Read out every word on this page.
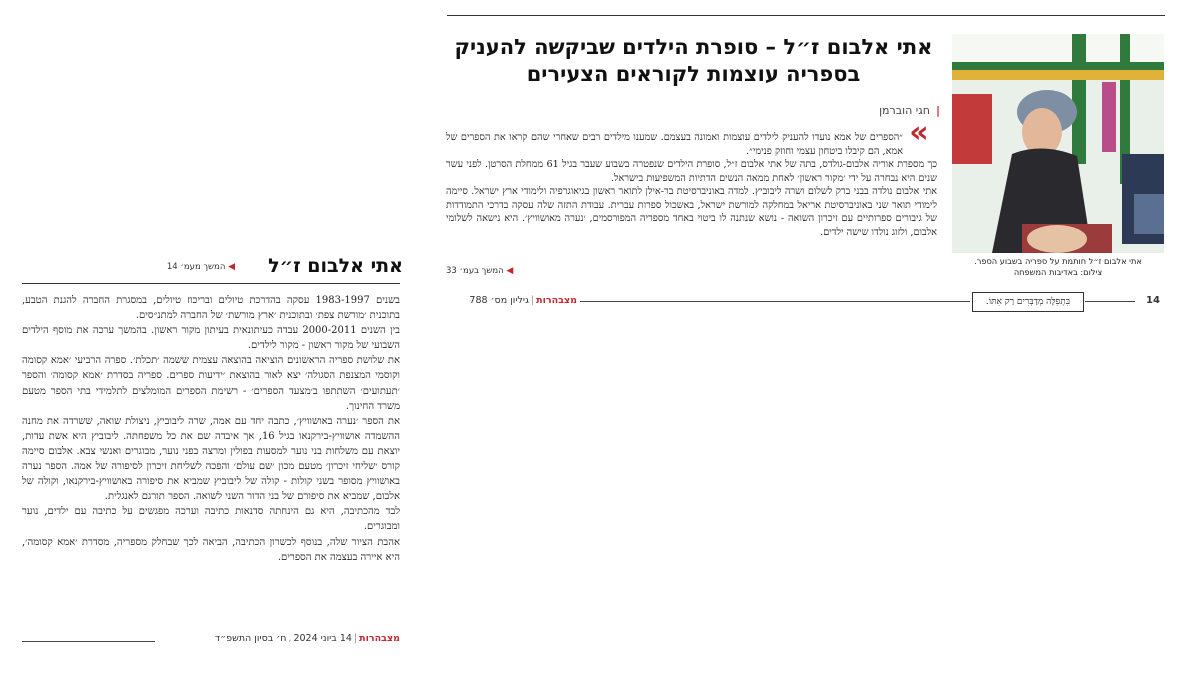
אתי אלבום ז״ל – סופרת הילדים שביקשה להעניק בספריה עוצמות לקוראים הצעירים
|חגי הוברמן
«

״הספרים של אמא נועדו להעניק לילדים עוצמות ואמונה בעצמם. שמענו מילדים רבים שאחרי שהם קראו את הספרים של אמא, הם קיבלו ביטחון עצמי וחוזק פנימי״.

כך מספרת אוריה אלבום-גולדס, בתה של אתי אלבום ז״ל, סופרת הילדים שנפטרה בשבוע שעבר בגיל 61 ממחלת הסרטן. לפני עשר שנים היא נבחרה על ידי ׳מקור ראשון׳ לאחת ממאה הנשים הדתיות המשפיעות בישראל.

אתי אלבום נולדה בבני ברק לשלום ושרה ליבוביץ. למדה באוניברסיטת בר-אילן לתואר ראשון בגיאוגרפיה ולימודי ארץ ישראל. סיימה לימודי תואר שני באוניברסיטת אריאל במחלקה למורשת ישראל, באשכול ספרות עברית. עבודת התזה שלה עסקה בדרכי התמודדות של גיבורים ספרותיים עם זיכרון השואה - נושא שנתנה לו ביטוי באחד מספריה המפורסמים, ׳נערה מאושוויץ׳. היא נישאה לשלומי אלבום, ולזוג נולדו שישה ילדים.

◀ המשך בעמ׳ 33
אתי אלבום ז״ל חותמת על ספריה בשבוע הספר.
צילום: באדיבות המשפחה
מצבהרות|גיליון מס׳ 788	בִּתְפִלָּה מְדַבְּרִים רַק אִתּוֹ.	14
אתי אלבום ז״ל
◀ המשך מעמ׳ 14

בשנים 1983-1997 עסקה בהדרכת טיולים ובריכוז טיולים, במסגרת החברה להגנת הטבע, בתוכנית ׳מורשת צפת׳ ובתוכנית ׳ארץ מורשת׳ של החברה למתנ״סים.

בין השנים 2000-2011 עבדה כעיתונאית בעיתון מקור ראשון. בהמשך ערכה את מוסף הילדים השבועי של מקור ראשון - מקור לילדים.

את שלושת ספריה הראשונים הוציאה בהוצאה עצמית ששמה ׳תכלת׳. ספרה הרביעי ׳אמא קסומה וקוסמי המצנפת הסגולה׳ יצא לאור בהוצאת ׳ידיעות ספרים. ספריה בסדרת ׳אמא קסומה׳ והספר ׳תעתועים׳ השתתפו ב׳מצעד הספרים׳ - רשימת הספרים המומלצים לתלמידי בתי הספר מטעם משרד החינוך.

את הספר ׳נערה באושוויץ׳, כתבה יחד עם אמה, שרה ליבוביץ, ניצולת שואה, ששרדה את מחנה ההשמדה אושוויץ-בירקנאו בגיל 16, אך איבדה שם את כל משפחתה. ליבוביץ היא אשת עדות, יוצאת עם משלחות בני נוער למסעות בפולין ומרצה בפני נוער, מבוגרים ואנשי צבא. אלבום סיימה קורס ׳שליחי זיכרון׳ מטעם מכון ׳שם עולם׳ והפכה לשליחת זיכרון לסיפורה של אמה. הספר נערה באושוויץ מסופר בשני קולות - קולה של ליבוביץ שמביא את סיפורה באושוויץ-בירקנאו, וקולה של אלבום, שמביא את סיפורם של בני הדור השני לשואה. הספר תורגם לאנגלית.

לבד מהכתיבה, היא גם הינחתה סדנאות כתיבה וערכה מפגשים על כתיבה עם ילדים, נוער ומבוגרים.

אהבת הציור שלה, בנוסף לכשרון הכתיבה, הביאה לכך שבחלק מספריה, מסדרת ׳אמא קסומה׳, היא איירה בעצמה את הספרים.

מצבהרות|14 ביוני 2024,ח׳ בסיון התשפ״ד
